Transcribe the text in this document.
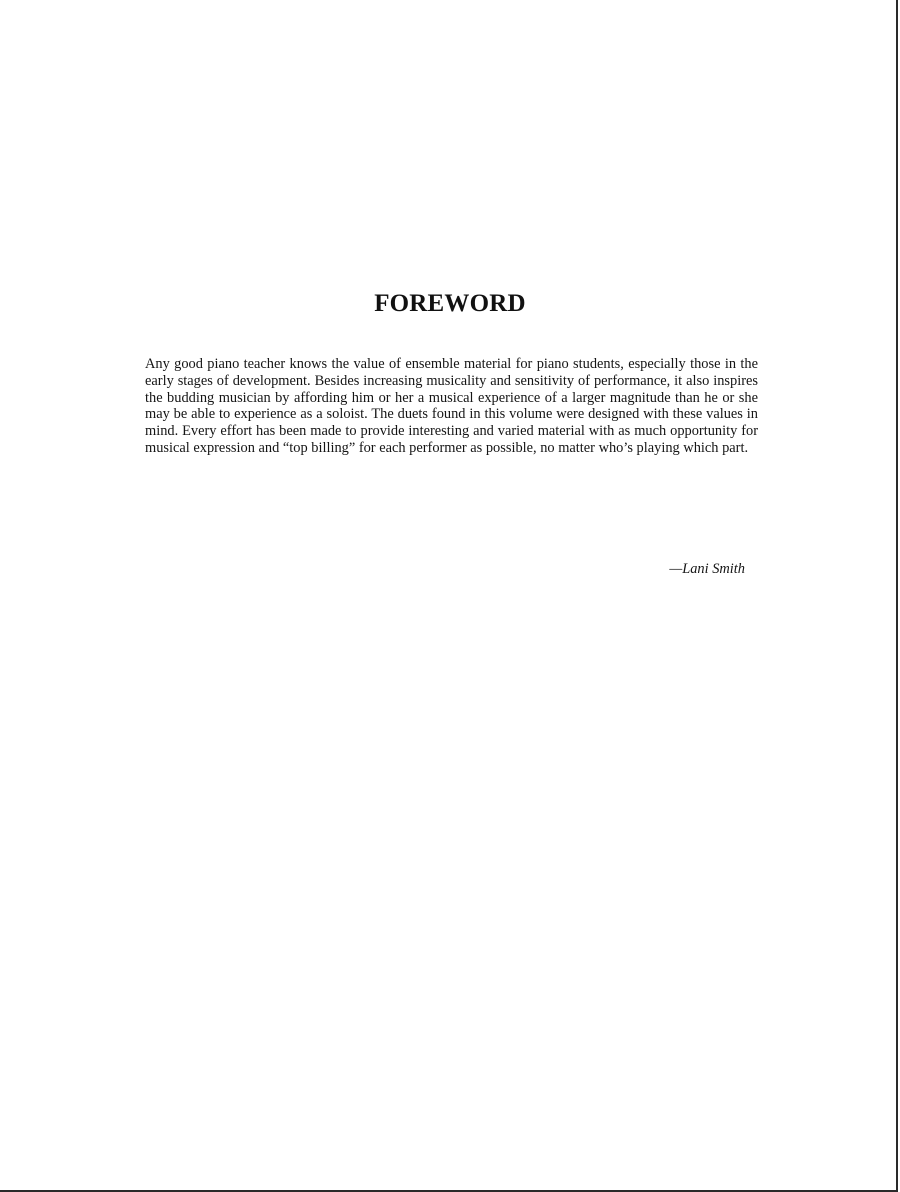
FOREWORD

Any good piano teacher knows the value of ensemble material for piano students, especially those in the early stages of development. Besides increasing musicality and sensitivity of performance, it also inspires the budding musician by affording him or her a musical experience of a larger magnitude than he or she may be able to experience as a soloist. The duets found in this volume were designed with these values in mind. Every effort has been made to provide interesting and varied material with as much opportunity for musical expression and “top billing” for each performer as possible, no matter who’s playing which part.

—Lani Smith
